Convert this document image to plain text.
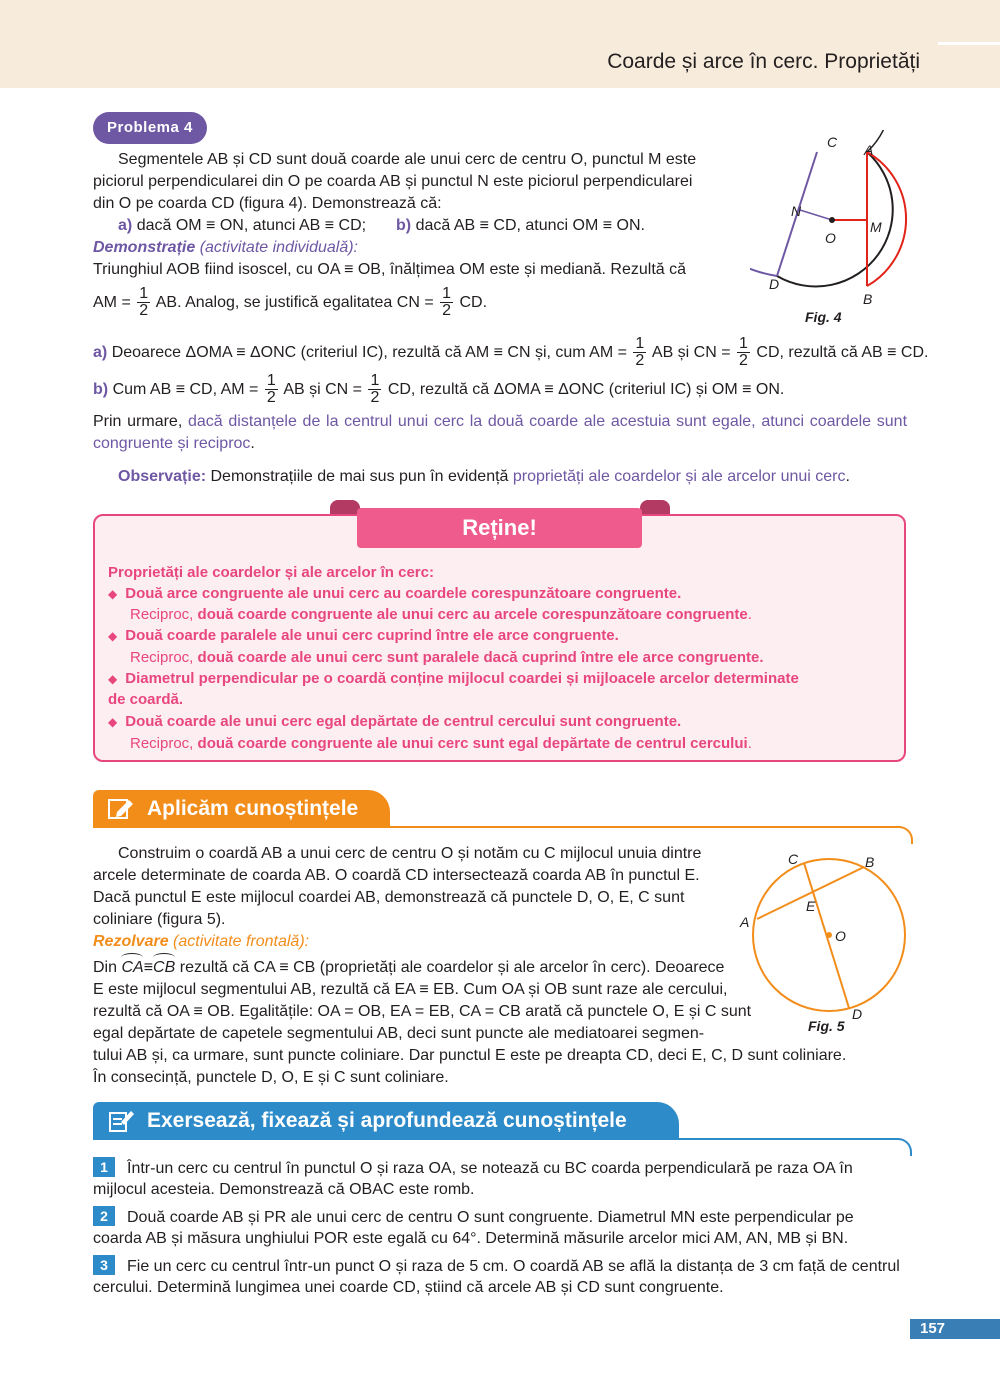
Coarde și arce în cerc. Proprietăți
Problema 4
Segmentele AB și CD sunt două coarde ale unui cerc de centru O, punctul M este
piciorul perpendicularei din O pe coarda AB și punctul N este piciorul perpendicularei
din O pe coarda CD (figura 4). Demonstrează că:
a) dacă OM ≡ ON, atunci AB ≡ CD; b) dacă AB ≡ CD, atunci OM ≡ ON.
Demonstrație (activitate individuală):
Triunghiul AOB fiind isoscel, cu OA ≡ OB, înălțimea OM este și mediană. Rezultă că
AM = $\frac{1}{2}$ AB. Analog, se justifică egalitatea CN = $\frac{1}{2}$ CD.
C A
N
O
M
D
B
Fig. 4
a) Deoarece ΔOMA ≡ ΔONC (criteriul IC), rezultă că AM ≡ CN și, cum AM = $\frac{1}{2}$ AB și CN = $\frac{1}{2}$ CD, rezultă că AB ≡ CD.
b) Cum AB ≡ CD, AM = $\frac{1}{2}$ AB și CN = $\frac{1}{2}$ CD, rezultă că ΔOMA ≡ ΔONC (criteriul IC) și OM ≡ ON.
Prin urmare, dacă distanțele de la centrul unui cerc la două coarde ale acestuia sunt egale, atunci coardele sunt congruente și reciproc.
Observație: Demonstrațiile de mai sus pun în evidență proprietăți ale coardelor și ale arcelor unui cerc.
Reține!
Proprietăți ale coardelor și ale arcelor în cerc:
◆ Două arce congruente ale unui cerc au coardele corespunzătoare congruente.
Reciproc, două coarde congruente ale unui cerc au arcele corespunzătoare congruente.
◆ Două coarde paralele ale unui cerc cuprind între ele arce congruente.
Reciproc, două coarde ale unui cerc sunt paralele dacă cuprind între ele arce congruente.
◆ Diametrul perpendicular pe o coardă conține mijlocul coardei și mijloacele arcelor determinate
de coardă.
◆ Două coarde ale unui cerc egal depărtate de centrul cercului sunt congruente.
Reciproc, două coarde congruente ale unui cerc sunt egal depărtate de centrul cercului.
Aplicăm cunoștințele
Construim o coardă AB a unui cerc de centru O și notăm cu C mijlocul unuia dintre
arcele determinate de coarda AB. O coardă CD intersectează coarda AB în punctul E.
Dacă punctul E este mijlocul coardei AB, demonstrează că punctele D, O, E, C sunt
coliniare (figura 5).
Rezolvare (activitate frontală):
Din CA≡
CB rezultă că CA ≡ CB (proprietăți ale coardelor și ale arcelor în cerc). Deoarece
E este mijlocul segmentului AB, rezultă că EA ≡ EB. Cum OA și OB sunt raze ale cercului,
rezultă că OA ≡ OB. Egalitățile: OA = OB, EA = EB, CA = CB arată că punctele O, E și C sunt
egal depărtate de capetele segmentului AB, deci sunt puncte ale mediatoarei segmen-
tului AB și, ca urmare, sunt puncte coliniare. Dar punctul E este pe dreapta CD, deci E, C, D sunt coliniare.
În consecință, punctele D, O, E și C sunt coliniare.
C	B
A
E
O
D
Fig. 5
Exersează, fixează și aprofundează cunoștințele
1 Într-un cerc cu centrul în punctul O și raza OA, se notează cu BC coarda perpendiculară pe raza OA în
mijlocul acesteia. Demonstrează că OBAC este romb.
2 Două coarde AB și PR ale unui cerc de centru O sunt congruente. Diametrul MN este perpendicular pe
coarda AB și măsura unghiului POR este egală cu 64°. Determină măsurile arcelor mici AM, AN, MB și BN.
3 Fie un cerc cu centrul într-un punct O și raza de 5 cm. O coardă AB se află la distanța de 3 cm față de centrul
cercului. Determină lungimea unei coarde CD, știind că arcele AB și CD sunt congruente.
157
